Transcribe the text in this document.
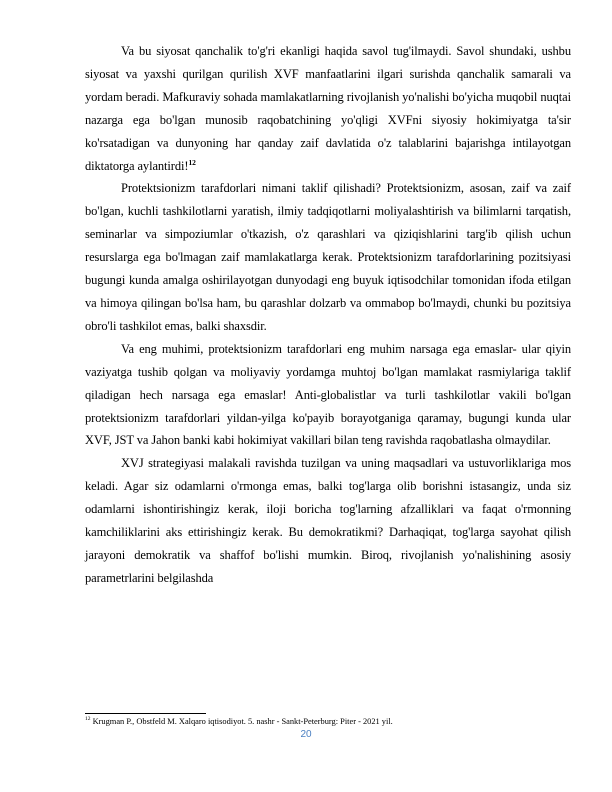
Va bu siyosat qanchalik to'g'ri ekanligi haqida savol tug'ilmaydi. Savol shundaki, ushbu siyosat va yaxshi qurilgan qurilish XVF manfaatlarini ilgari surishda qanchalik samarali va yordam beradi. Mafkuraviy sohada mamlakatlarning rivojlanish yo'nalishi bo'yicha muqobil nuqtai nazarga ega bo'lgan munosib raqobatchining yo'qligi XVFni siyosiy hokimiyatga ta'sir ko'rsatadigan va dunyoning har qanday zaif davlatida o'z talablarini bajarishga intilayotgan diktatorga aylantirdi!$^{12}$

Protektsionizm tarafdorlari nimani taklif qilishadi? Protektsionizm, asosan, zaif va zaif bo'lgan, kuchli tashkilotlarni yaratish, ilmiy tadqiqotlarni moliyalashtirish va bilimlarni tarqatish, seminarlar va simpoziumlar o'tkazish, o'z qarashlari va qiziqishlarini targ'ib qilish uchun resurslarga ega bo'lmagan zaif mamlakatlarga kerak. Protektsionizm tarafdorlarining pozitsiyasi bugungi kunda amalga oshirilayotgan dunyodagi eng buyuk iqtisodchilar tomonidan ifoda etilgan va himoya qilingan bo'lsa ham, bu qarashlar dolzarb va ommabop bo'lmaydi, chunki bu pozitsiya obro'li tashkilot emas, balki shaxsdir.

Va eng muhimi, protektsionizm tarafdorlari eng muhim narsaga ega emaslar- ular qiyin vaziyatga tushib qolgan va moliyaviy yordamga muhtoj bo'lgan mamlakat rasmiylariga taklif qiladigan hech narsaga ega emaslar! Anti-globalistlar va turli tashkilotlar vakili bo'lgan protektsionizm tarafdorlari yildan-yilga ko'payib borayotganiga qaramay, bugungi kunda ular XVF, JST va Jahon banki kabi hokimiyat vakillari bilan teng ravishda raqobatlasha olmaydilar.

XVJ strategiyasi malakali ravishda tuzilgan va uning maqsadlari va ustuvorliklariga mos keladi. Agar siz odamlarni o'rmonga emas, balki tog'larga olib borishni istasangiz, unda siz odamlarni ishontirishingiz kerak, iloji boricha tog'larning afzalliklari va faqat o'rmonning kamchiliklarini aks ettirishingiz kerak. Bu demokratikmi? Darhaqiqat, tog'larga sayohat qilish jarayoni demokratik va shaffof bo'lishi mumkin. Biroq, rivojlanish yo'nalishining asosiy parametrlarini belgilashda

$^{12}$ Krugman P., Obstfeld M. Xalqaro iqtisodiyot. 5. nashr - Sankt-Peterburg: Piter - 2021 yil.
20
